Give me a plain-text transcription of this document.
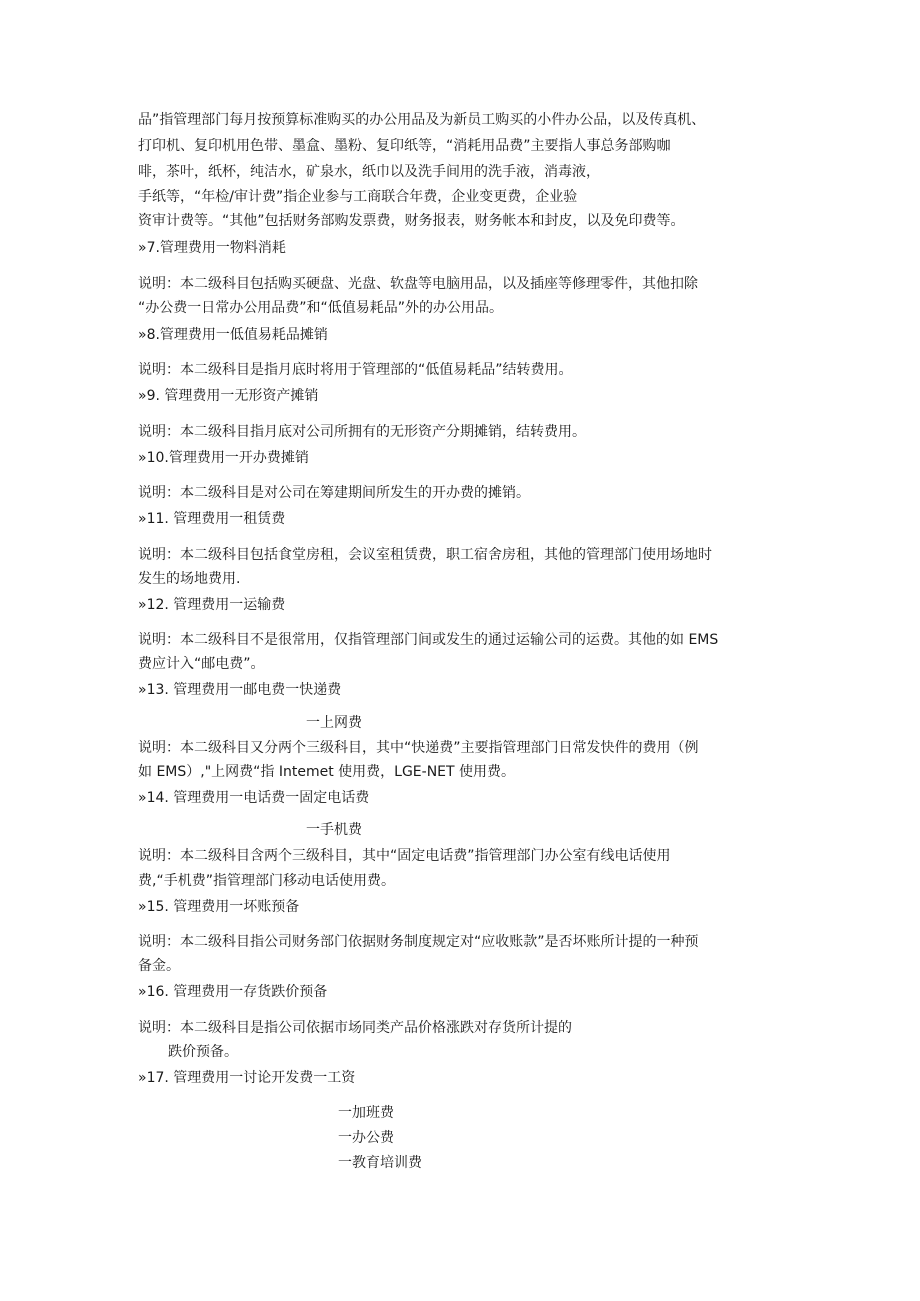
品”指管理部门每月按预算标准购买的办公用品及为新员工购买的小件办公品，以及传真机、
打印机、复印机用色带、墨盒、墨粉、复印纸等，“消耗用品费”主要指人事总务部购咖
啡，茶叶，纸杯，纯洁水，矿泉水，纸巾以及洗手间用的洗手液，消毒液，
手纸等，“年检/审计费”指企业参与工商联合年费，企业变更费，企业验
资审计费等。“其他”包括财务部购发票费，财务报表，财务帐本和封皮，以及免印费等。
»7.管理费用一物料消耗
说明：本二级科目包括购买硬盘、光盘、软盘等电脑用品，以及插座等修理零件，其他扣除
“办公费一日常办公用品费”和“低值易耗品”外的办公用品。
»8.管理费用一低值易耗品摊销
说明：本二级科目是指月底时将用于管理部的“低值易耗品”结转费用。
»9. 管理费用一无形资产摊销
说明：本二级科目指月底对公司所拥有的无形资产分期摊销，结转费用。
»10.管理费用一开办费摊销
说明：本二级科目是对公司在筹建期间所发生的开办费的摊销。
»11. 管理费用一租赁费
说明：本二级科目包括食堂房租，会议室租赁费，职工宿舍房租，其他的管理部门使用场地时
发生的场地费用.
»12. 管理费用一运输费
说明：本二级科目不是很常用，仅指管理部门间或发生的通过运输公司的运费。其他的如 EMS
费应计入“邮电费”。
»13. 管理费用一邮电费一快递费
一上网费
说明：本二级科目又分两个三级科目，其中“快递费”主要指管理部门日常发快件的费用（例
如 EMS）,"上网费“指 Intemet 使用费，LGE-NET 使用费。
»14. 管理费用一电话费一固定电话费
一手机费
说明：本二级科目含两个三级科目，其中“固定电话费”指管理部门办公室有线电话使用
费,“手机费”指管理部门移动电话使用费。
»15. 管理费用一坏账预备
说明：本二级科目指公司财务部门依据财务制度规定对“应收账款”是否坏账所计提的一种预
备金。
»16. 管理费用一存货跌价预备
说明：本二级科目是指公司依据市场同类产品价格涨跌对存货所计提的
跌价预备。
»17. 管理费用一讨论开发费一工资
一加班费
一办公费
一教育培训费
